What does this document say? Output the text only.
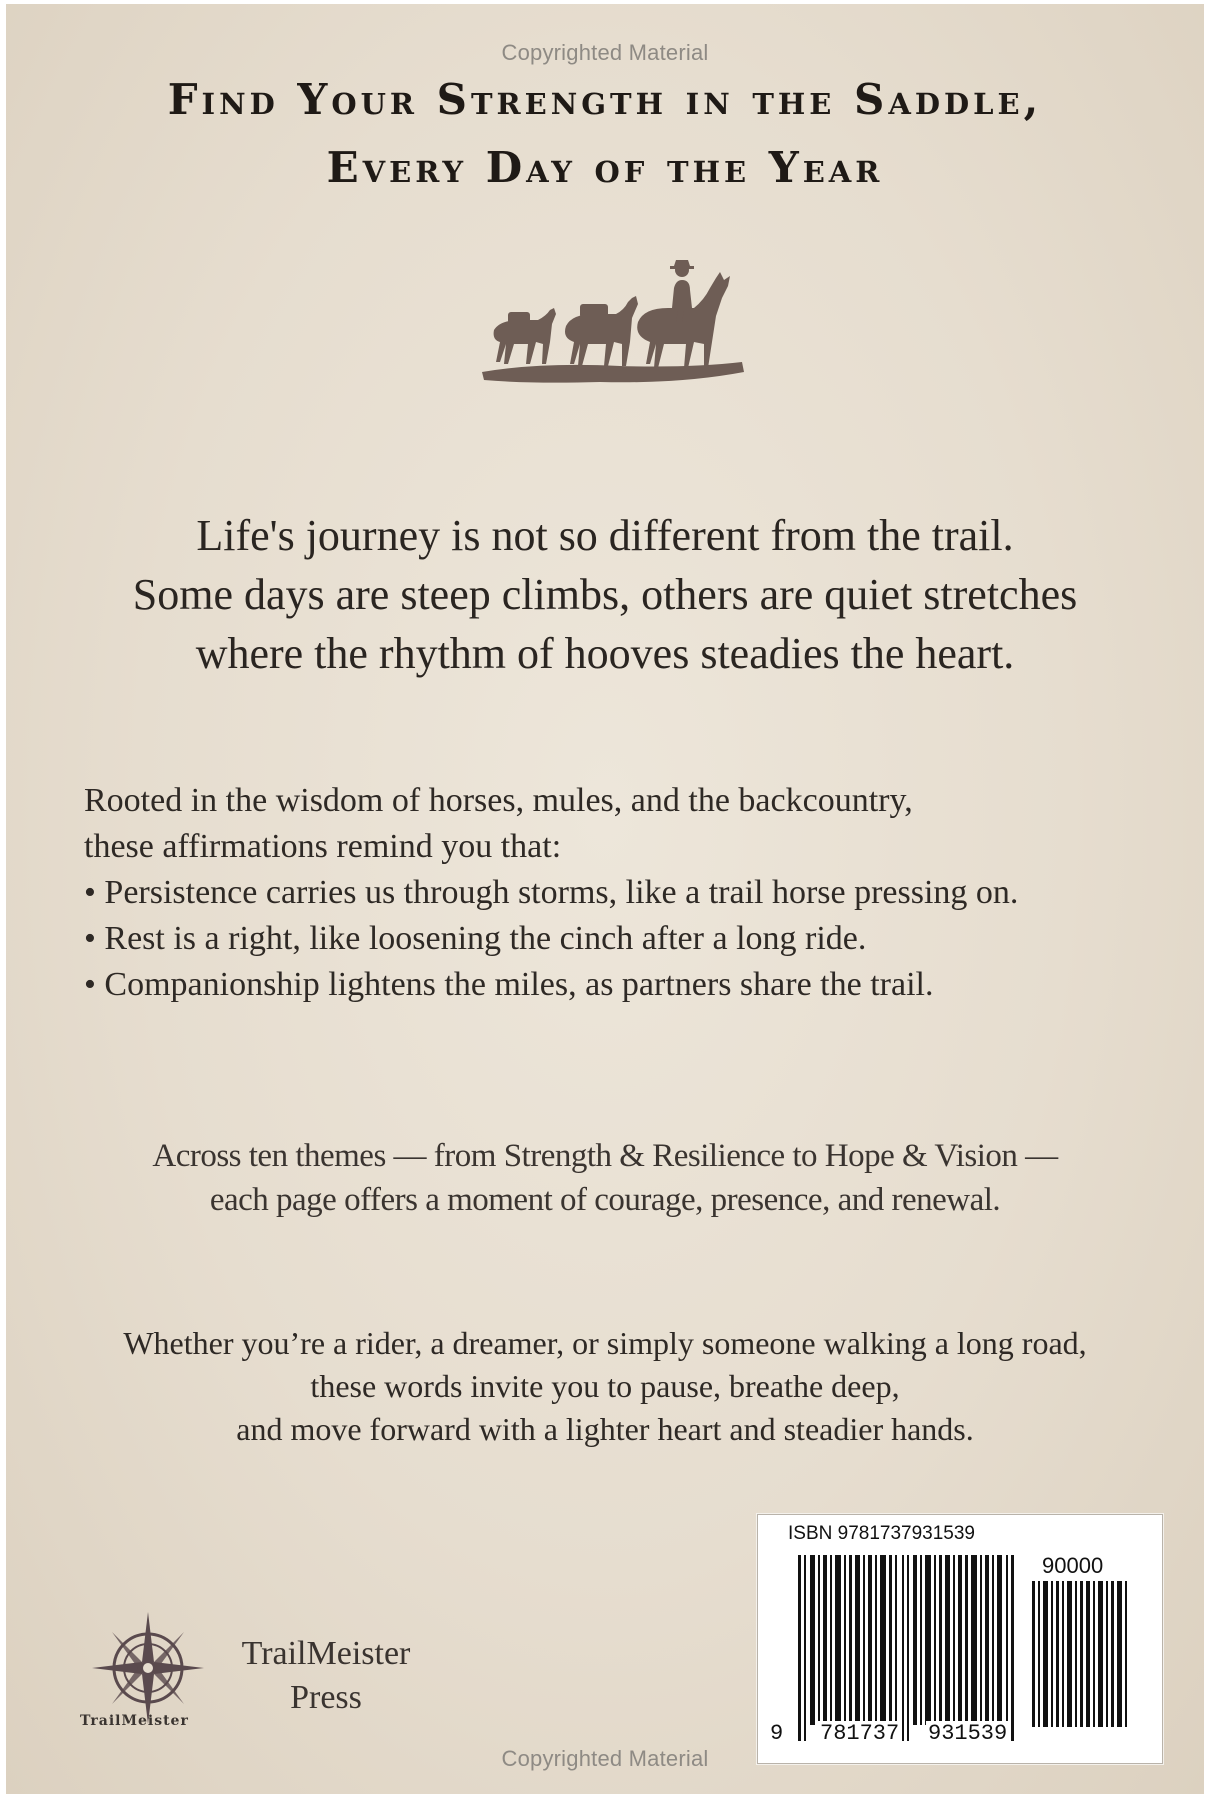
Copyrighted Material
Find Your Strength in the Saddle,
Every Day of the Year
Life's journey is not so different from the trail.
Some days are steep climbs, others are quiet stretches
where the rhythm of hooves steadies the heart.
Rooted in the wisdom of horses, mules, and the backcountry,
these affirmations remind you that:
• Persistence carries us through storms, like a trail horse pressing on.
• Rest is a right, like loosening the cinch after a long ride.
• Companionship lightens the miles, as partners share the trail.
Across ten themes — from Strength & Resilience to Hope & Vision —
each page offers a moment of courage, presence, and renewal.
Whether you’re a rider, a dreamer, or simply someone walking a long road,
these words invite you to pause, breathe deep,
and move forward with a lighter heart and steadier hands.
TrailMeister
TrailMeister
Press
ISBN 9781737931539
90000
9 781737 931539
Copyrighted Material
